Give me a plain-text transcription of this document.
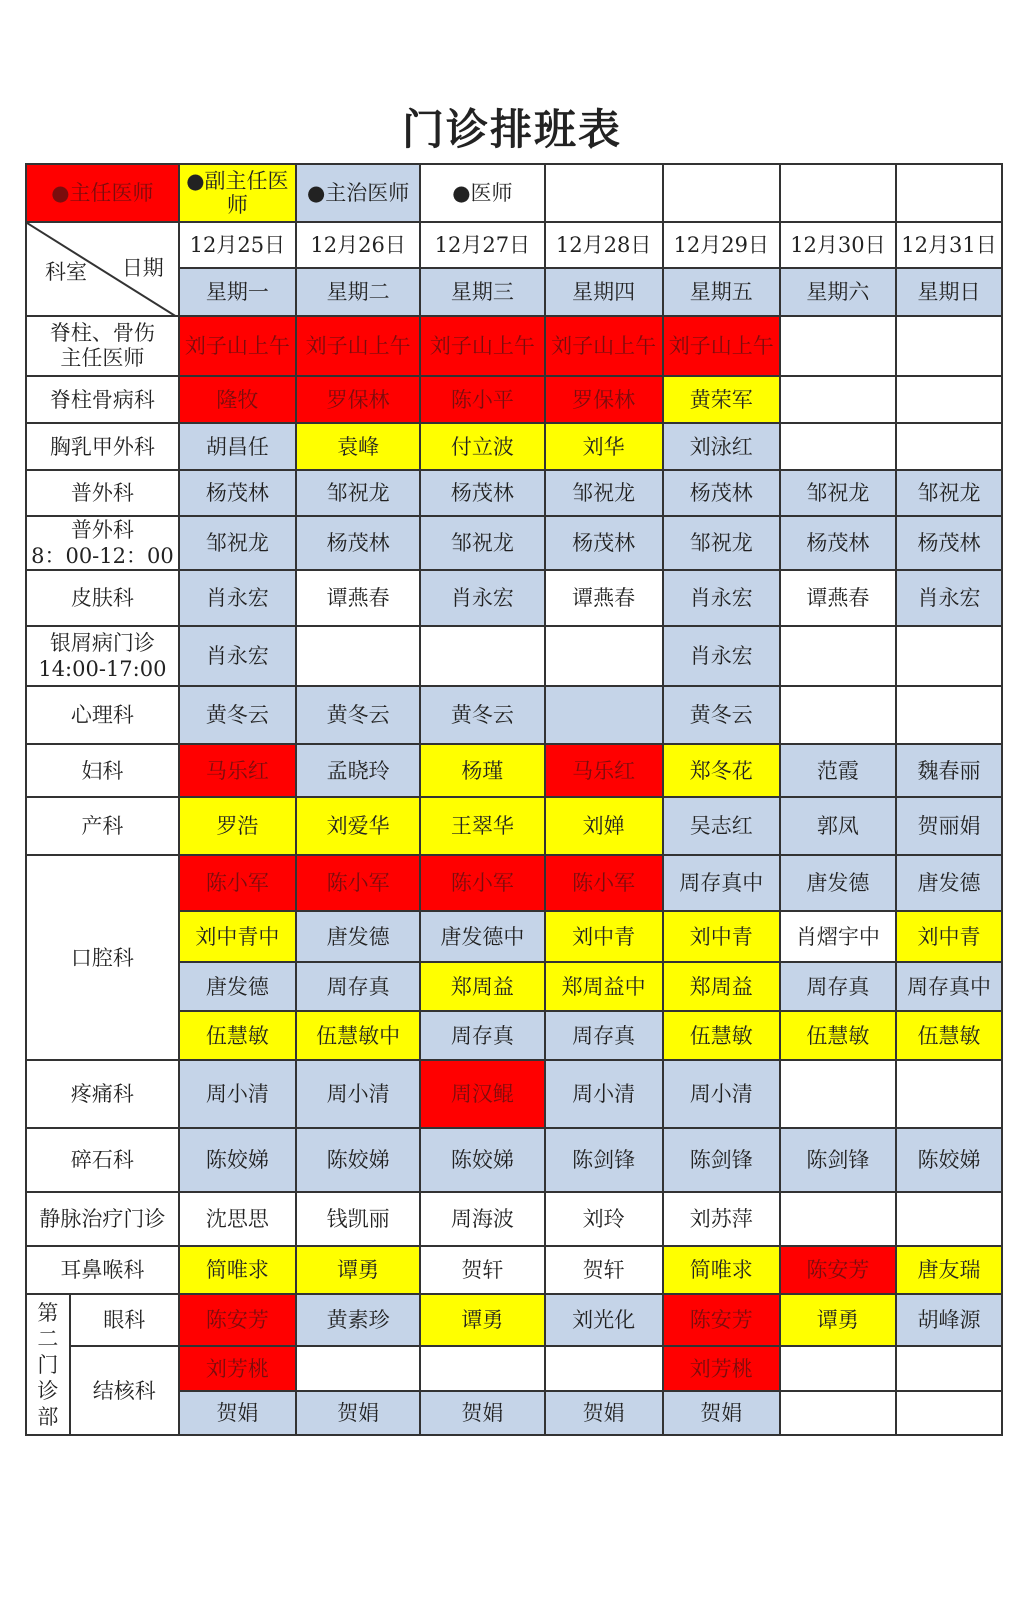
门诊排班表
●主任医师		●副主任医师	●主治医师	●医师				

科室 日期		12月25日	12月26日	12月27日	12月28日	12月29日	12月30日	12月31日
		星期一	星期二	星期三	星期四	星期五	星期六	星期日

脊柱、骨伤主任医师		刘子山上午	刘子山上午	刘子山上午	刘子山上午	刘子山上午		

脊柱骨病科		隆牧	罗保林	陈小平	罗保林	黄荣军		

胸乳甲外科		胡昌任	袁峰	付立波	刘华	刘泳红		

普外科		杨茂林	邹祝龙	杨茂林	邹祝龙	杨茂林	邹祝龙	邹祝龙

普外科
8：00-12：00		邹祝龙	杨茂林	邹祝龙	杨茂林	邹祝龙	杨茂林	杨茂林

皮肤科		肖永宏	谭燕春	肖永宏	谭燕春	肖永宏	谭燕春	肖永宏

银屑病门诊
14:00-17:00		肖永宏				肖永宏		

心理科		黄冬云	黄冬云	黄冬云		黄冬云		

妇科		马乐红	孟晓玲	杨瑾	马乐红	郑冬花	范霞	魏春丽

产科		罗浩	刘爱华	王翠华	刘婵	吴志红	郭凤	贺丽娟
口腔科		陈小军	陈小军	陈小军	陈小军	周存真中	唐发德	唐发德
		刘中青中	唐发德	唐发德中	刘中青	刘中青	肖熠宇中	刘中青
		唐发德	周存真	郑周益	郑周益中	郑周益	周存真	周存真中
		伍慧敏	伍慧敏中	周存真	周存真	伍慧敏	伍慧敏	伍慧敏
疼痛科		周小清	周小清	周汉鲲	周小清	周小清		
碎石科		陈姣娣	陈姣娣	陈姣娣	陈剑锋	陈剑锋	陈剑锋	陈姣娣
静脉治疗门诊		沈思思	钱凯丽	周海波	刘玲	刘苏萍		
耳鼻喉科		简唯求	谭勇	贺轩	贺轩	简唯求	陈安芳	唐友瑞
第二门诊部	眼科	陈安芳	黄素珍	谭勇	刘光化	陈安芳	谭勇	胡峰源
	结核科	刘芳桃				刘芳桃		
		贺娟	贺娟	贺娟	贺娟	贺娟		
